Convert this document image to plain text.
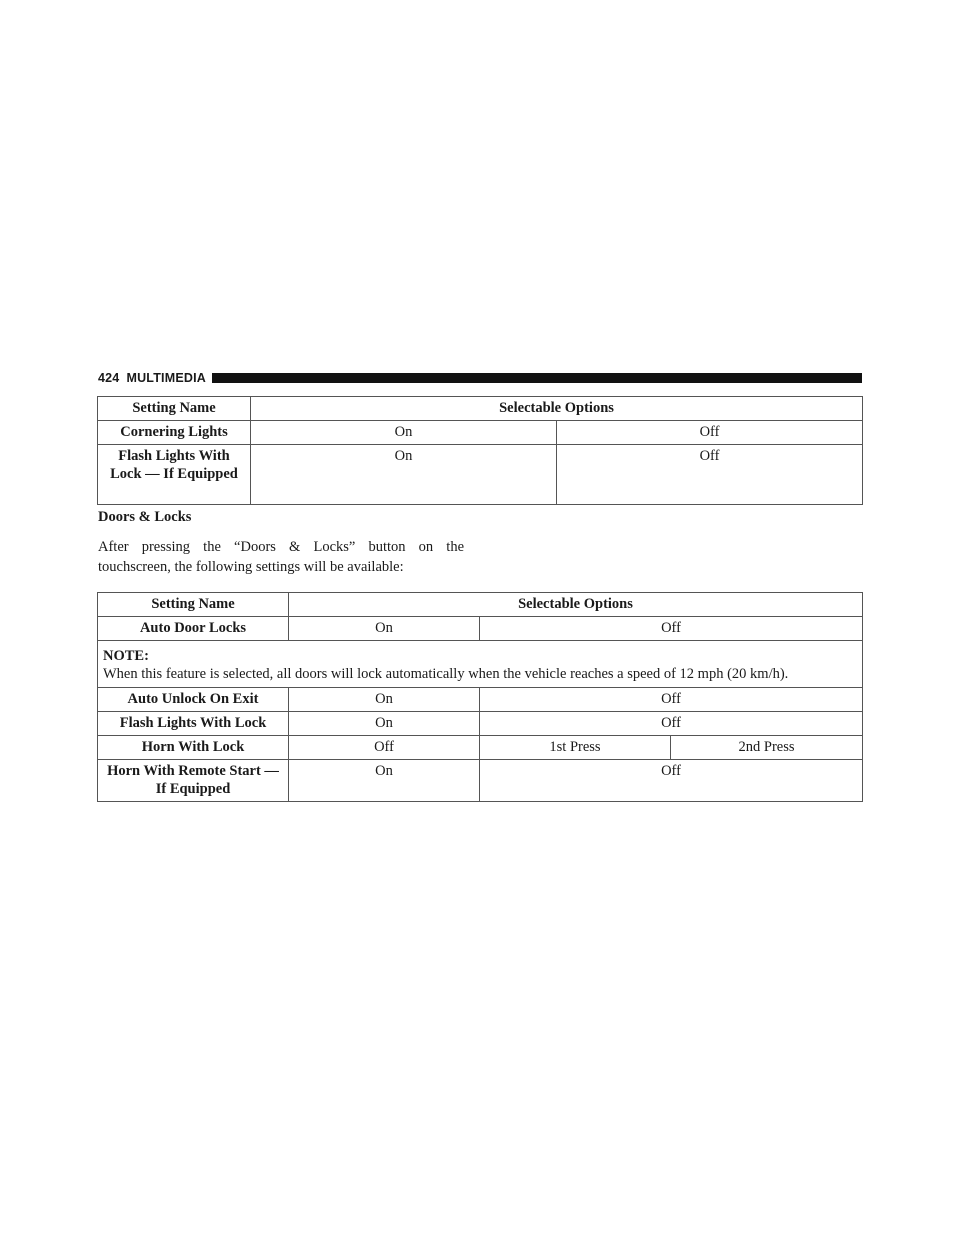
424 MULTIMEDIA
Setting Name	Selectable Options	
Cornering Lights	On	Off
Flash Lights With Lock — If Equipped	On	Off
Doors & Locks
After pressing the “Doors & Locks” button on the touchscreen, the following settings will be available:
Setting Name	Selectable Options		
Auto Door Locks	On	Off	

NOTE:
When this feature is selected, all doors will lock automatically when the vehicle reaches a speed of 12 mph (20 km/h).			
Auto Unlock On Exit	On	Off	
Flash Lights With Lock	On	Off	
Horn With Lock	Off	1st Press	2nd Press
Horn With Remote Start — If Equipped	On	Off	
